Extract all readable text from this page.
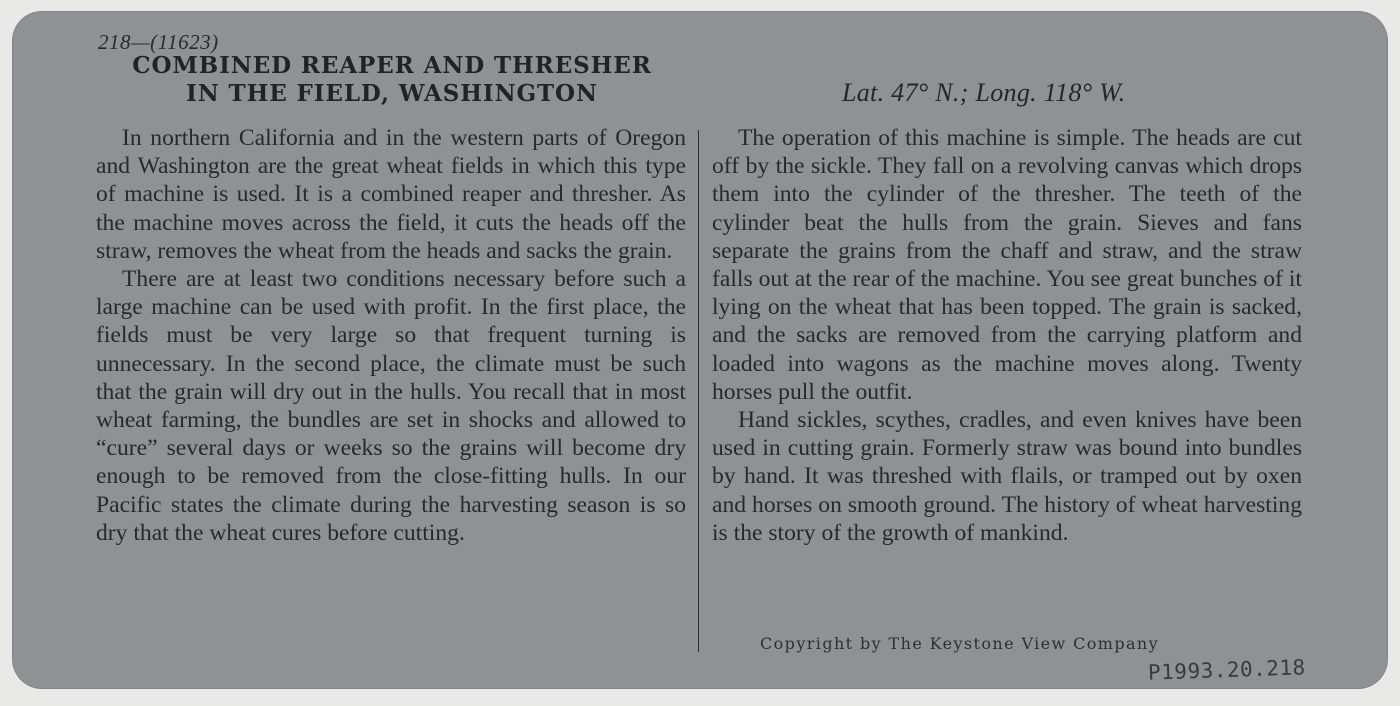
218—(11623)
COMBINED REAPER AND THRESHER
IN THE FIELD, WASHINGTON	Lat. 47° N.; Long. 118° W.

In northern California and in the western parts of Oregon and Washington are the great wheat fields in which this type of machine is used. It is a combined reaper and thresher. As the machine moves across the field, it cuts the heads off the straw, removes the wheat from the heads and sacks the grain.

There are at least two conditions necessary before such a large machine can be used with profit. In the first place, the fields must be very large so that frequent turning is unnecessary. In the second place, the climate must be such that the grain will dry out in the hulls. You recall that in most wheat farming, the bundles are set in shocks and allowed to “cure” several days or weeks so the grains will become dry enough to be removed from the close-fitting hulls. In our Pacific states the climate during the harvesting season is so dry that the wheat cures before cutting.

The operation of this machine is simple. The heads are cut off by the sickle. They fall on a revolving canvas which drops them into the cylinder of the thresher. The teeth of the cylinder beat the hulls from the grain. Sieves and fans separate the grains from the chaff and straw, and the straw falls out at the rear of the machine. You see great bunches of it lying on the wheat that has been topped. The grain is sacked, and the sacks are removed from the carrying platform and loaded into wagons as the machine moves along. Twenty horses pull the outfit.

Hand sickles, scythes, cradles, and even knives have been used in cutting grain. Formerly straw was bound into bundles by hand. It was threshed with flails, or tramped out by oxen and horses on smooth ground. The history of wheat harvesting is the story of the growth of mankind.

Copyright by The Keystone View Company
P1993.20.218
